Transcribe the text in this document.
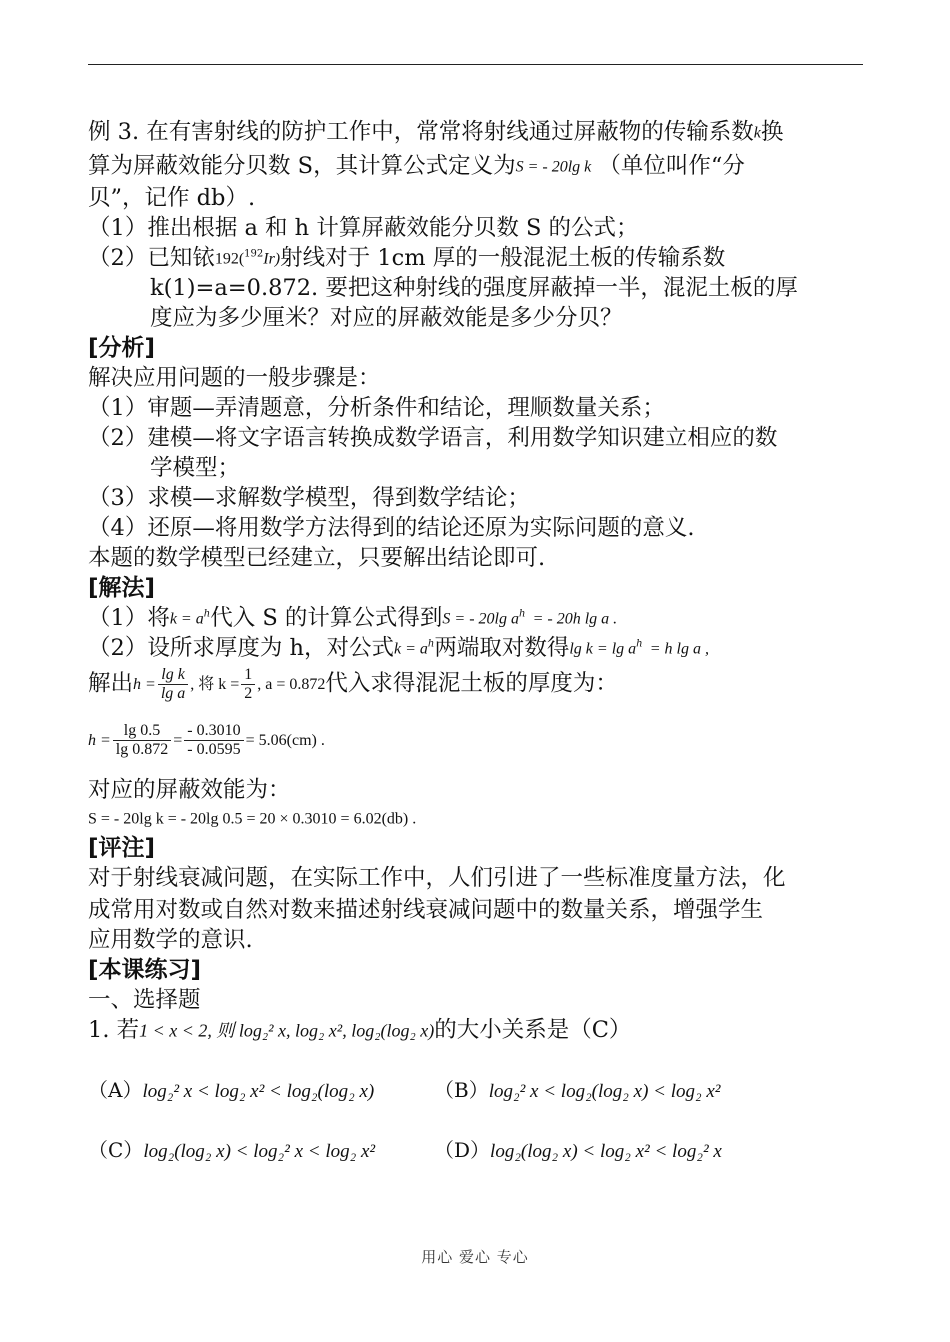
例 3. 在有害射线的防护工作中，常常将射线通过屏蔽物的传输系数k换
算为屏蔽效能分贝数 S，其计算公式定义为S = - 20lg k （单位叫作“分
贝”，记作 db）.
（1）推出根据 a 和 h 计算屏蔽效能分贝数 S 的公式；
（2）已知铱192($^{192}$Ir)射线对于 1cm 厚的一般混泥土板的传输系数
k(1)=a=0.872. 要把这种射线的强度屏蔽掉一半，混泥土板的厚
度应为多少厘米？对应的屏蔽效能是多少分贝？
[分析]
解决应用问题的一般步骤是：
（1）审题—弄清题意，分析条件和结论，理顺数量关系；
（2）建模—将文字语言转换成数学语言，利用数学知识建立相应的数
学模型；
（3）求模—求解数学模型，得到数学结论；
（4）还原—将用数学方法得到的结论还原为实际问题的意义.
本题的数学模型已经建立，只要解出结论即可.
[解法]
（1）将$k = a^h$代入 S 的计算公式得到S = - 20lg $a^h$ = - 20h lg a .
（2）设所求厚度为 h，对公式$k = a^h$两端取对数得$\lg k = \lg a^h = h$ lg a ,
解出$h = \frac{\text{lg k}}{\text{lg a}}$ , 将 $k = \frac{1}{2}$ , a = 0.872代入求得混泥土板的厚度为：
$h = \frac{\lg 0.5}{\lg 0.872} = \frac{- 0.3010}{- 0.0595} = 5.06(cm)$ .
对应的屏蔽效能为：
S = - 20lg k = - 20lg 0.5 = 20 × 0.3010 = 6.02(db) .
[评注]
对于射线衰减问题，在实际工作中，人们引进了一些标准度量方法，化
成常用对数或自然对数来描述射线衰减问题中的数量关系，增强学生
应用数学的意识.
[本课练习]
一、选择题
1. 若1 < x < 2, 则 log₂² x, log₂ x², log₂(log₂ x)的大小关系是（C）
（A）log₂² x < log₂ x² < log₂(log₂ x)	（B）log₂² x < log₂(log₂ x) < log₂ x²
（C）log₂(log₂ x) < log₂² x < log₂ x²	（D）log₂(log₂ x) < log₂ x² < log₂² x
用心 爱心 专心
